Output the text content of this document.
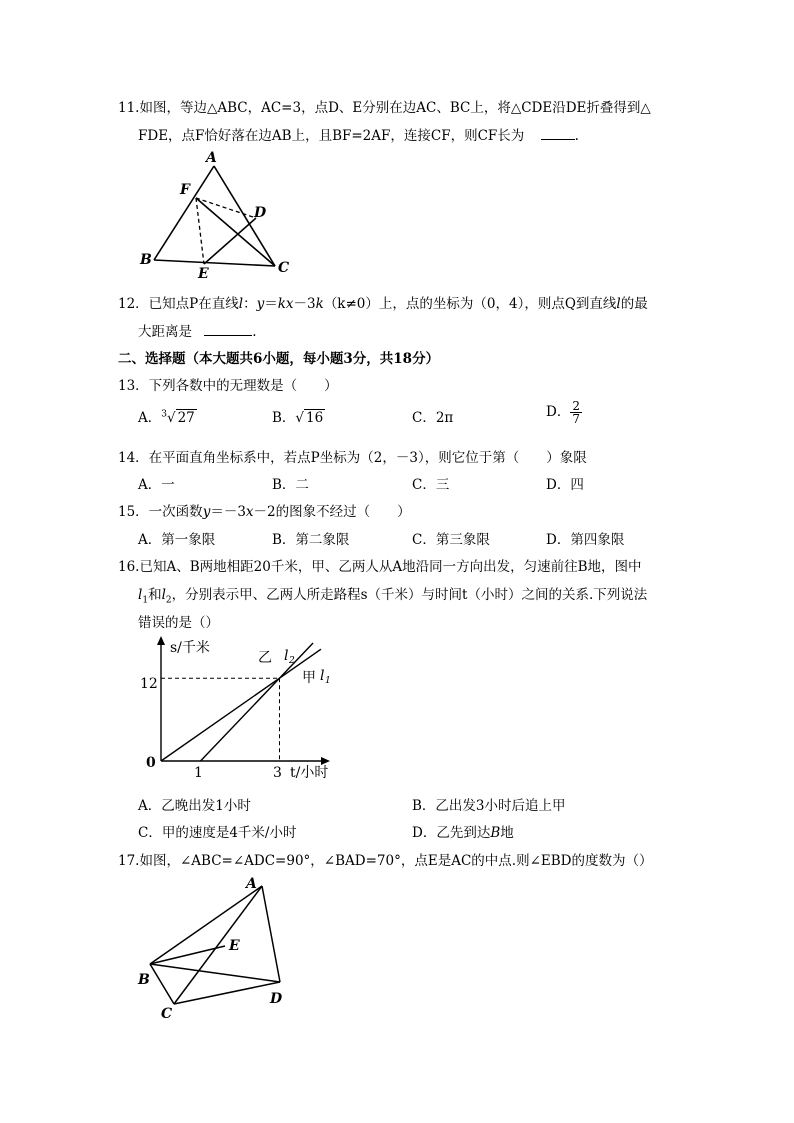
11.如图，等边△ABC，AC=3，点D、E分别在边AC、BC上，将△CDE沿DE折叠得到△
FDE，点F恰好落在边AB上，且BF=2AF，连接CF，则CF长为	.
A
F
D
B
E	C
12．已知点P在直线l：y＝kx－3k（k≠0）上，点的坐标为（0，4），则点Q到直线l的最
大距离是	.
二、选择题（本大题共6小题，每小题3分，共18分）
13．下列各数中的无理数是（　　）
A．$^3$√ 27	B．√ 16	C．2π	D． $\frac{2}{7}$
14．在平面直角坐标系中，若点P坐标为（2，－3），则它位于第（　　）象限
A．一	B．二	C．三	D．四
15．一次函数y＝－3x－2的图象不经过（　　）
A．第一象限	B．第二象限	C．第三象限	D．第四象限
16.已知A、B两地相距20千米，甲、乙两人从A地沿同一方向出发，匀速前往B地，图中
$l_1$和$l_2$，分别表示甲、乙两人所走路程s（千米）与时间t（小时）之间的关系.下列说法
错误的是（）
s/千米
t/小时
0
12
1	3
乙 l 2
甲 l 1
A．乙晚出发1小时	B．乙出发3小时后追上甲
C．甲的速度是4千米/小时	D．乙先到达B地
17.如图，∠ABC=∠ADC=90°，∠BAD=70°，点E是AC的中点.则∠EBD的度数为（）
A
E
B
D
C
